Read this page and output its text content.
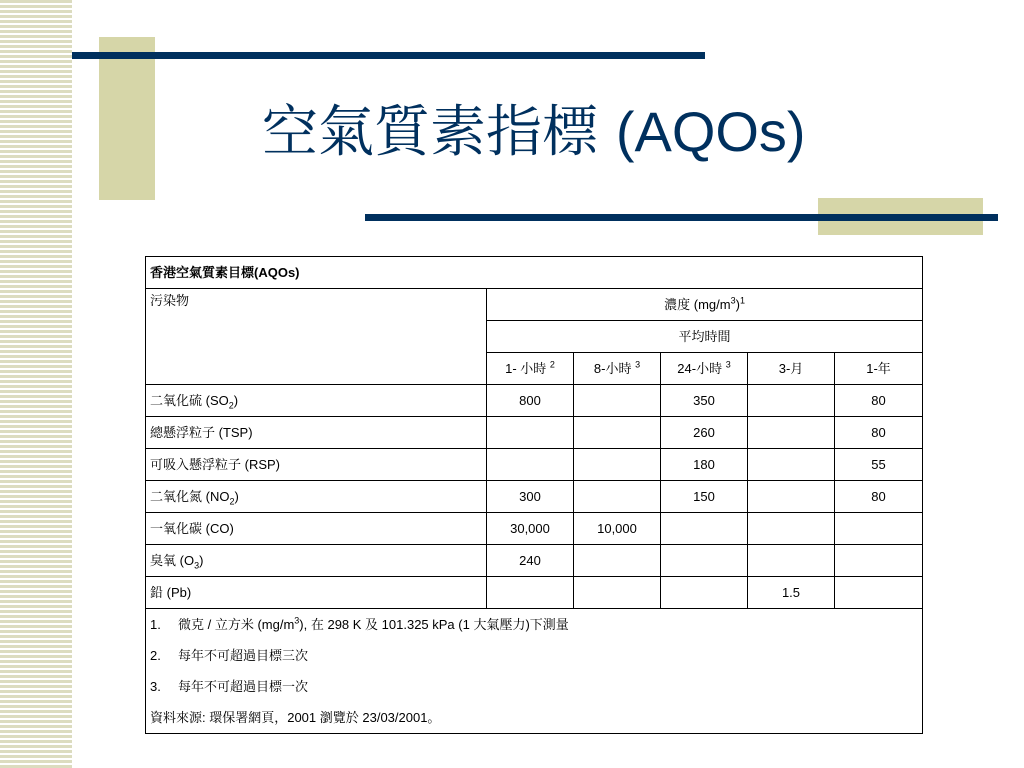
空氣質素指標 (AQOs)
香港空氣質素目標(AQOs)					
污染物	濃度 $(mg/m^3)^1$
	平均時間				
	1- 小時 $^2$	8-小時 $^3$	24-小時 $^3$	3-月	1-年
二氧化硫 $(SO_2)$	800		350		80
總懸浮粒子 (TSP)			260		80
可吸入懸浮粒子 (RSP)			180		55
二氧化氮 $(NO_2)$	300		150		80
一氧化碳 (CO)	30,000	10,000			
臭氧 $(O_3)$	240				
鉛 (Pb)				1.5	
1. 微克 / 立方米 $(mg/m^3)$, 在 298 K 及 101.325 kPa (1 大氣壓力)下測量					
2. 每年不可超過目標三次					
3. 每年不可超過目標一次					
資料來源: 環保署網頁，2001 瀏覽於 23/03/2001。					
